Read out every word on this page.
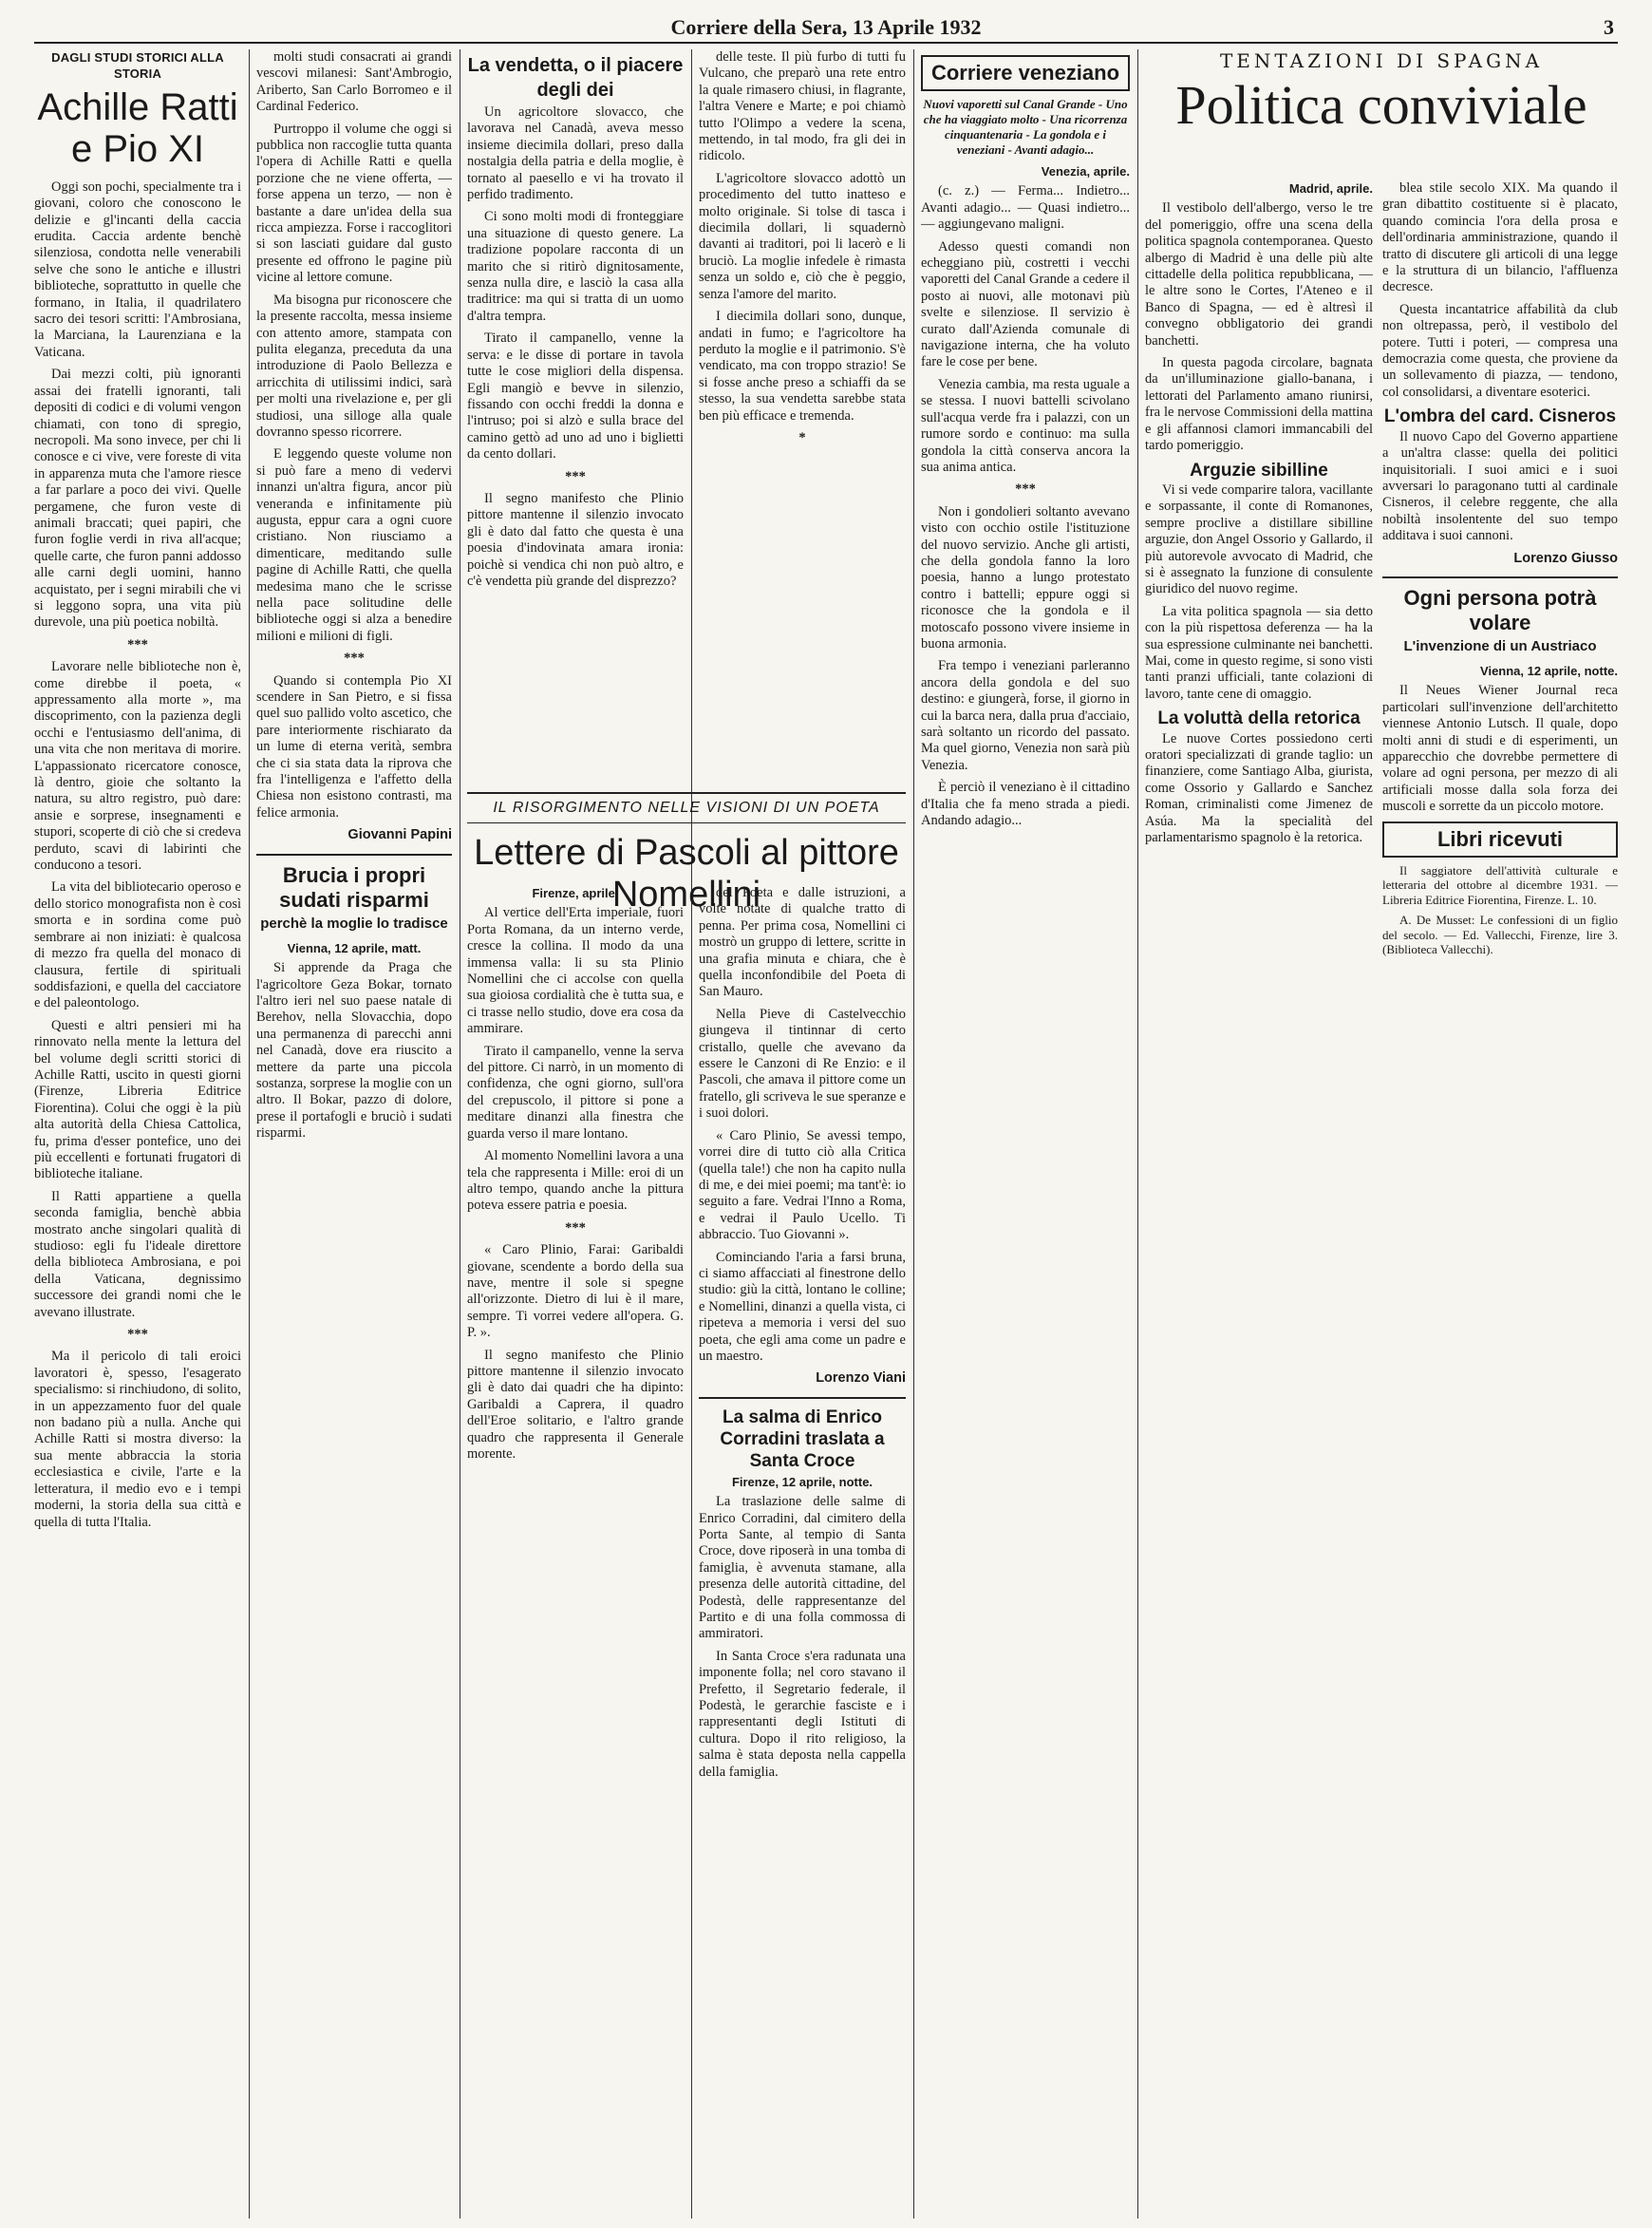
Corriere della Sera, 13 Aprile 1932	3
DAGLI STUDI STORICI ALLA STORIA
Achille Ratti e Pio XI

Oggi son pochi, specialmente tra i giovani, coloro che conoscono le delizie e gl'incanti della caccia erudita. Caccia ardente benchè silenziosa, condotta nelle venerabili selve che sono le antiche e illustri biblioteche, soprattutto in quelle che formano, in Italia, il quadrilatero sacro dei tesori scritti: l'Ambrosiana, la Marciana, la Laurenziana e la Vaticana.

Dai mezzi colti, più ignoranti assai dei fratelli ignoranti, tali depositi di codici e di volumi vengon chiamati, con tono di spregio, necropoli. Ma sono invece, per chi li conosce e ci vive, vere foreste di vita in apparenza muta che l'amore riesce a far parlare a poco dei vivi. Quelle pergamene, che furon veste di animali braccati; quei papiri, che furon foglie verdi in riva all'acque; quelle carte, che furon panni addosso alle carni degli uomini, hanno acquistato, per i segni mirabili che vi si leggono sopra, una vita più durevole, una più poetica nobiltà.

***

Lavorare nelle biblioteche non è, come direbbe il poeta, « appressamento alla morte », ma discoprimento, con la pazienza degli occhi e l'entusiasmo dell'anima, di una vita che non meritava di morire. L'appassionato ricercatore conosce, là dentro, gioie che soltanto la natura, su altro registro, può dare: ansie e sorprese, insegnamenti e stupori, scoperte di ciò che si credeva perduto, scavi di labirinti che conducono a tesori.

La vita del bibliotecario operoso e dello storico monografista non è così smorta e in sordina come può sembrare ai non iniziati: è qualcosa di mezzo fra quella del monaco di clausura, fertile di spirituali soddisfazioni, e quella del cacciatore e del paleontologo.

Questi e altri pensieri mi ha rinnovato nella mente la lettura del bel volume degli scritti storici di Achille Ratti, uscito in questi giorni (Firenze, Libreria Editrice Fiorentina). Colui che oggi è la più alta autorità della Chiesa Cattolica, fu, prima d'esser pontefice, uno dei più eccellenti e fortunati frugatori di biblioteche italiane.

Il Ratti appartiene a quella seconda famiglia, benchè abbia mostrato anche singolari qualità di studioso: egli fu l'ideale direttore della biblioteca Ambrosiana, e poi della Vaticana, degnissimo successore dei grandi nomi che le avevano illustrate.

***

Ma il pericolo di tali eroici lavoratori è, spesso, l'esagerato specialismo: si rinchiudono, di solito, in un appezzamento fuor del quale non badano più a nulla. Anche qui Achille Ratti si mostra diverso: la sua mente abbraccia la storia ecclesiastica e civile, l'arte e la letteratura, il medio evo e i tempi moderni, la storia della sua città e quella di tutta l'Italia.

molti studi consacrati ai grandi vescovi milanesi: Sant'Ambrogio, Ariberto, San Carlo Borromeo e il Cardinal Federico.

Purtroppo il volume che oggi si pubblica non raccoglie tutta quanta l'opera di Achille Ratti e quella porzione che ne viene offerta, — forse appena un terzo, — non è bastante a dare un'idea della sua ricca ampiezza. Forse i raccoglitori si son lasciati guidare dal gusto presente ed offrono le pagine più vicine al lettore comune.

Ma bisogna pur riconoscere che la presente raccolta, messa insieme con attento amore, stampata con pulita eleganza, preceduta da una introduzione di Paolo Bellezza e arricchita di utilissimi indici, sarà per molti una rivelazione e, per gli studiosi, una silloge alla quale dovranno spesso ricorrere.

E leggendo queste volume non si può fare a meno di vedervi innanzi un'altra figura, ancor più veneranda e infinitamente più augusta, eppur cara a ogni cuore cristiano. Non riusciamo a dimenticare, meditando sulle pagine di Achille Ratti, che quella medesima mano che le scrisse nella pace solitudine delle biblioteche oggi si alza a benedire milioni e milioni di figli.

***

Quando si contempla Pio XI scendere in San Pietro, e si fissa quel suo pallido volto ascetico, che pare interiormente rischiarato da un lume di eterna verità, sembra che ci sia stata data la riprova che fra l'intelligenza e l'affetto della Chiesa non esistono contrasti, ma felice armonia.

Giovanni Papini
Brucia i propri sudati risparmi
perchè la moglie lo tradisce
Vienna, 12 aprile, matt.

Si apprende da Praga che l'agricoltore Geza Bokar, tornato l'altro ieri nel suo paese natale di Berehov, nella Slovacchia, dopo una permanenza di parecchi anni nel Canadà, dove era riuscito a mettere da parte una piccola sostanza, sorprese la moglie con un altro. Il Bokar, pazzo di dolore, prese il portafogli e bruciò i sudati risparmi.

La vendetta, o il piacere degli dei

Un agricoltore slovacco, che lavorava nel Canadà, aveva messo insieme diecimila dollari, preso dalla nostalgia della patria e della moglie, è tornato al paesello e vi ha trovato il perfido tradimento.

Ci sono molti modi di fronteggiare una situazione di questo genere. La tradizione popolare racconta di un marito che si ritirò dignitosamente, senza nulla dire, e lasciò la casa alla traditrice: ma qui si tratta di un uomo d'altra tempra.

Tirato il campanello, venne la serva: e le disse di portare in tavola tutte le cose migliori della dispensa. Egli mangiò e bevve in silenzio, fissando con occhi freddi la donna e l'intruso; poi si alzò e sulla brace del camino gettò ad uno ad uno i biglietti da cento dollari.

***

Il segno manifesto che Plinio pittore mantenne il silenzio invocato gli è dato dal fatto che questa è una poesia d'indovinata amara ironia: poichè si vendica chi non può altro, e c'è vendetta più grande del disprezzo?

delle teste. Il più furbo di tutti fu Vulcano, che preparò una rete entro la quale rimasero chiusi, in flagrante, l'altra Venere e Marte; e poi chiamò tutto l'Olimpo a vedere la scena, mettendo, in tal modo, fra gli dei in ridicolo.

L'agricoltore slovacco adottò un procedimento del tutto inatteso e molto originale. Si tolse di tasca i diecimila dollari, li squadernò davanti ai traditori, poi li lacerò e li bruciò. La moglie infedele è rimasta senza un soldo e, ciò che è peggio, senza l'amore del marito.

I diecimila dollari sono, dunque, andati in fumo; e l'agricoltore ha perduto la moglie e il patrimonio. S'è vendicato, ma con troppo strazio! Se si fosse anche preso a schiaffi da se stesso, la sua vendetta sarebbe stata ben più efficace e tremenda.

*
IL RISORGIMENTO NELLE VISIONI DI UN POETA
Lettere di Pascoli al pittore Nomellini
Firenze, aprile.

Al vertice dell'Erta imperiale, fuori Porta Romana, da un interno verde, cresce la collina. Il modo da una immensa valla: li su sta Plinio Nomellini che ci accolse con quella sua gioiosa cordialità che è tutta sua, e ci trasse nello studio, dove era cosa da ammirare.

Tirato il campanello, venne la serva del pittore. Ci narrò, in un momento di confidenza, che ogni giorno, sull'ora del crepuscolo, il pittore si pone a meditare dinanzi alla finestra che guarda verso il mare lontano.

Al momento Nomellini lavora a una tela che rappresenta i Mille: eroi di un altro tempo, quando anche la pittura poteva essere patria e poesia.

***

« Caro Plinio, Farai: Garibaldi giovane, scendente a bordo della sua nave, mentre il sole si spegne all'orizzonte. Dietro di lui è il mare, sempre. Ti vorrei vedere all'opera. G. P. ».

Il segno manifesto che Plinio pittore mantenne il silenzio invocato gli è dato dai quadri che ha dipinto: Garibaldi a Caprera, il quadro dell'Eroe solitario, e l'altro grande quadro che rappresenta il Generale morente.

del Poeta e dalle istruzioni, a volte notate di qualche tratto di penna. Per prima cosa, Nomellini ci mostrò un gruppo di lettere, scritte in una grafia minuta e chiara, che è quella inconfondibile del Poeta di San Mauro.

Nella Pieve di Castelvecchio giungeva il tintinnar di certo cristallo, quelle che avevano da essere le Canzoni di Re Enzio: e il Pascoli, che amava il pittore come un fratello, gli scriveva le sue speranze e i suoi dolori.

« Caro Plinio, Se avessi tempo, vorrei dire di tutto ciò alla Critica (quella tale!) che non ha capito nulla di me, e dei miei poemi; ma tant'è: io seguito a fare. Vedrai l'Inno a Roma, e vedrai il Paulo Ucello. Ti abbraccio. Tuo Giovanni ».

Cominciando l'aria a farsi bruna, ci siamo affacciati al finestrone dello studio: giù la città, lontano le colline; e Nomellini, dinanzi a quella vista, ci ripeteva a memoria i versi del suo poeta, che egli ama come un padre e un maestro.

Lorenzo Viani
La salma di Enrico Corradini traslata a Santa Croce
Firenze, 12 aprile, notte.

La traslazione delle salme di Enrico Corradini, dal cimitero della Porta Sante, al tempio di Santa Croce, dove riposerà in una tomba di famiglia, è avvenuta stamane, alla presenza delle autorità cittadine, del Podestà, delle rappresentanze del Partito e di una folla commossa di ammiratori.

In Santa Croce s'era radunata una imponente folla; nel coro stavano il Prefetto, il Segretario federale, il Podestà, le gerarchie fasciste e i rappresentanti degli Istituti di cultura. Dopo il rito religioso, la salma è stata deposta nella cappella della famiglia.

Corriere veneziano
Nuovi vaporetti sul Canal Grande - Uno che ha viaggiato molto - Una ricorrenza cinquantenaria - La gondola e i veneziani - Avanti adagio...
Venezia, aprile.

(c. z.) — Ferma... Indietro... Avanti adagio... — Quasi indietro... — aggiungevano maligni.

Adesso questi comandi non echeggiano più, costretti i vecchi vaporetti del Canal Grande a cedere il posto ai nuovi, alle motonavi più svelte e silenziose. Il servizio è curato dall'Azienda comunale di navigazione interna, che ha voluto fare le cose per bene.

Venezia cambia, ma resta uguale a se stessa. I nuovi battelli scivolano sull'acqua verde fra i palazzi, con un rumore sordo e continuo: ma sulla gondola la città conserva ancora la sua anima antica.

***

Non i gondolieri soltanto avevano visto con occhio ostile l'istituzione del nuovo servizio. Anche gli artisti, che della gondola fanno la loro poesia, hanno a lungo protestato contro i battelli; eppure oggi si riconosce che la gondola e il motoscafo possono vivere insieme in buona armonia.

Fra tempo i veneziani parleranno ancora della gondola e del suo destino: e giungerà, forse, il giorno in cui la barca nera, dalla prua d'acciaio, sarà soltanto un ricordo del passato. Ma quel giorno, Venezia non sarà più Venezia.

È perciò il veneziano è il cittadino d'Italia che fa meno strada a piedi. Andando adagio...

TENTAZIONI DI SPAGNA
Politica conviviale
Madrid, aprile.

Il vestibolo dell'albergo, verso le tre del pomeriggio, offre una scena della politica spagnola contemporanea. Questo albergo di Madrid è una delle più alte cittadelle della politica repubblicana, — le altre sono le Cortes, l'Ateneo e il Banco di Spagna, — ed è altresì il convegno obbligatorio dei grandi banchetti.

In questa pagoda circolare, bagnata da un'illuminazione giallo-banana, i lettorati del Parlamento amano riunirsi, fra le nervose Commissioni della mattina e gli affannosi clamori immancabili del tardo pomeriggio.

Arguzie sibilline

Vi si vede comparire talora, vacillante e sorpassante, il conte di Romanones, sempre proclive a distillare sibilline arguzie, don Angel Ossorio y Gallardo, il più autorevole avvocato di Madrid, che si è assegnato la funzione di consulente giuridico del nuovo regime.

La vita politica spagnola — sia detto con la più rispettosa deferenza — ha la sua espressione culminante nei banchetti. Mai, come in questo regime, si sono visti tanti pranzi ufficiali, tante colazioni di lavoro, tante cene di omaggio.

La voluttà della retorica

Le nuove Cortes possiedono certi oratori specializzati di grande taglio: un finanziere, come Santiago Alba, giurista, come Ossorio y Gallardo e Sanchez Roman, criminalisti come Jimenez de Asúa. Ma la specialità del parlamentarismo spagnolo è la retorica.

blea stile secolo XIX. Ma quando il gran dibattito costituente si è placato, quando comincia l'ora della prosa e dell'ordinaria amministrazione, quando il tratto di discutere gli articoli di una legge e la struttura di un bilancio, l'affluenza decresce.

Questa incantatrice affabilità da club non oltrepassa, però, il vestibolo del potere. Tutti i poteri, — compresa una democrazia come questa, che proviene da un sollevamento di piazza, — tendono, col consolidarsi, a diventare esoterici.

L'ombra del card. Cisneros

Il nuovo Capo del Governo appartiene a un'altra classe: quella dei politici inquisitoriali. I suoi amici e i suoi avversari lo paragonano tutti al cardinale Cisneros, il celebre reggente, che alla nobiltà insolentente del suo tempo additava i suoi cannoni.

Lorenzo Giusso
Ogni persona potrà volare
L'invenzione di un Austriaco
Vienna, 12 aprile, notte.

Il Neues Wiener Journal reca particolari sull'invenzione dell'architetto viennese Antonio Lutsch. Il quale, dopo molti anni di studi e di esperimenti, un apparecchio che dovrebbe permettere di volare ad ogni persona, per mezzo di ali artificiali mosse dalla sola forza dei muscoli e sorrette da un piccolo motore.

Libri ricevuti

Il saggiatore dell'attività culturale e letteraria del ottobre al dicembre 1931. — Libreria Editrice Fiorentina, Firenze. L. 10.

A. De Musset: Le confessioni di un figlio del secolo. — Ed. Vallecchi, Firenze, lire 3. (Biblioteca Vallecchi).
